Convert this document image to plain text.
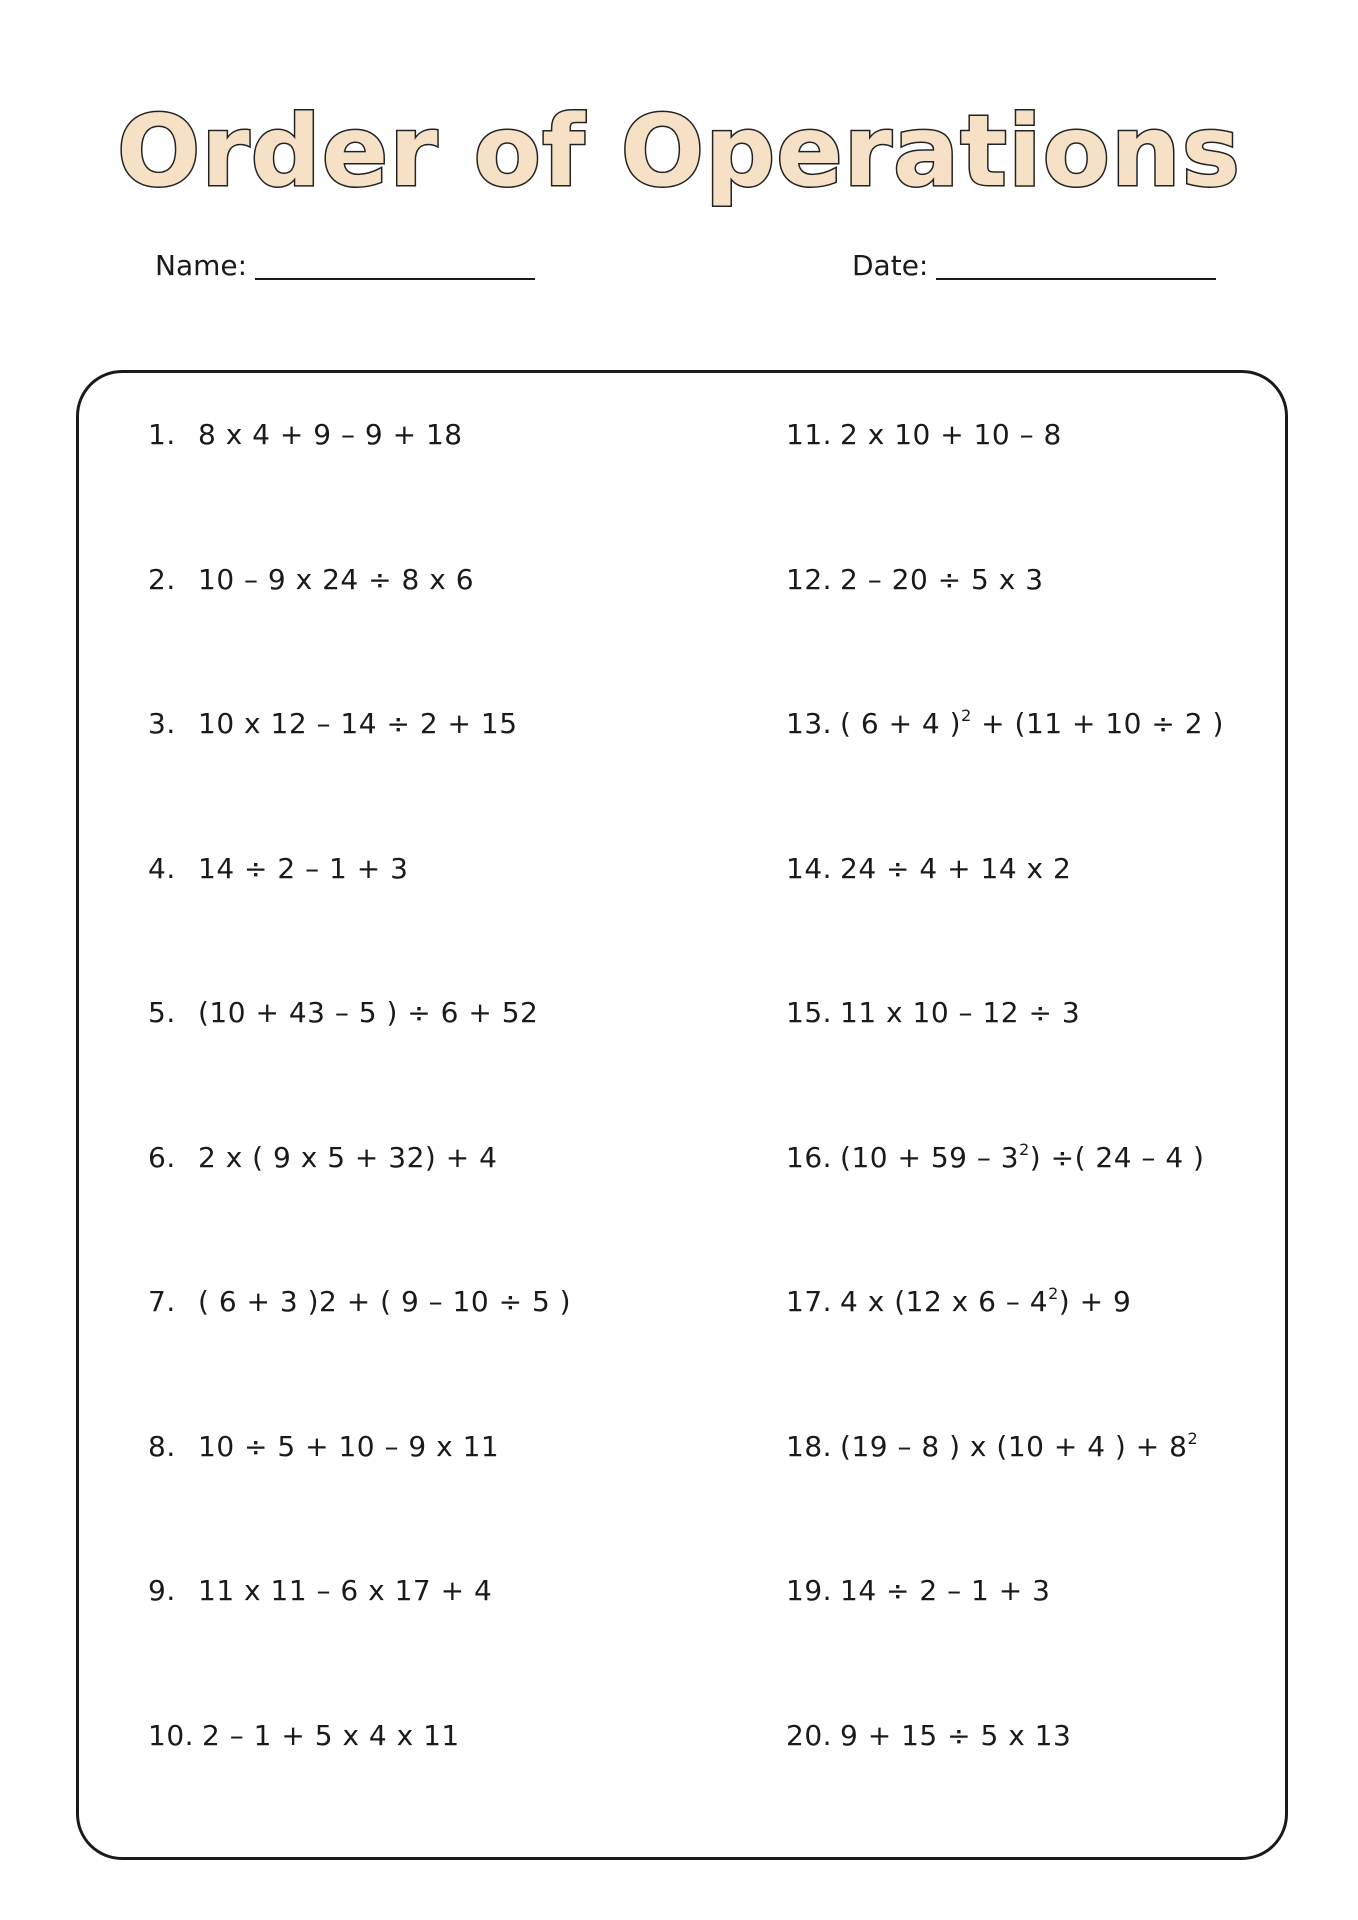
Order of Operations
Name:	Date:
1. 8 x 4 + 9 – 9 + 18
2. 10 – 9 x 24 ÷ 8 x 6
3. 10 x 12 – 14 ÷ 2 + 15
4. 14 ÷ 2 – 1 + 3
5. (10 + 43 – 5 ) ÷ 6 + 52
6. 2 x ( 9 x 5 + 32) + 4
7. ( 6 + 3 )2 + ( 9 – 10 ÷ 5 )
8. 10 ÷ 5 + 10 – 9 x 11
9. 11 x 11 – 6 x 17 + 4
10. 2 – 1 + 5 x 4 x 11
11. 2 x 10 + 10 – 8
12. 2 – 20 ÷ 5 x 3
13. ( 6 + 4 )$^2$ + (11 + 10 ÷ 2 )
14. 24 ÷ 4 + 14 x 2
15. 11 x 10 – 12 ÷ 3
16. $(10 + 59 - 3^2)$ ÷( 24 – 4 )
17. 4 x (12 x $6 - 4^2) + 9$
18. (19 – 8 ) x (10 + 4 ) + $8^2$
19. 14 ÷ 2 – 1 + 3
20. 9 + 15 ÷ 5 x 13
